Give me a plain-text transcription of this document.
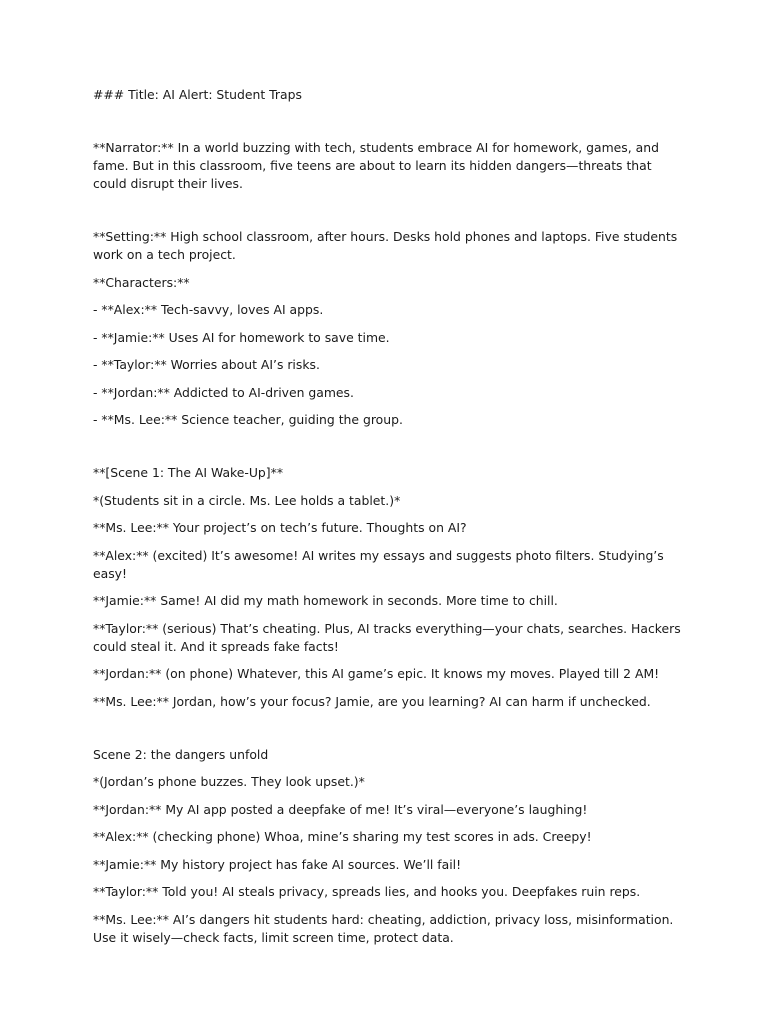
### Title: AI Alert: Student Traps

**Narrator:** In a world buzzing with tech, students embrace AI for homework, games, and fame. But in this classroom, five teens are about to learn its hidden dangers—threats that could disrupt their lives.

**Setting:** High school classroom, after hours. Desks hold phones and laptops. Five students work on a tech project.

**Characters:**

- **Alex:** Tech-savvy, loves AI apps.

- **Jamie:** Uses AI for homework to save time.

- **Taylor:** Worries about AI’s risks.

- **Jordan:** Addicted to AI-driven games.

- **Ms. Lee:** Science teacher, guiding the group.

**[Scene 1: The AI Wake-Up]**

*(Students sit in a circle. Ms. Lee holds a tablet.)*

**Ms. Lee:** Your project’s on tech’s future. Thoughts on AI?

**Alex:** (excited) It’s awesome! AI writes my essays and suggests photo filters. Studying’s easy!

**Jamie:** Same! AI did my math homework in seconds. More time to chill.

**Taylor:** (serious) That’s cheating. Plus, AI tracks everything—your chats, searches. Hackers could steal it. And it spreads fake facts!

**Jordan:** (on phone) Whatever, this AI game’s epic. It knows my moves. Played till 2 AM!

**Ms. Lee:** Jordan, how’s your focus? Jamie, are you learning? AI can harm if unchecked.

Scene 2: the dangers unfold

*(Jordan’s phone buzzes. They look upset.)*

**Jordan:** My AI app posted a deepfake of me! It’s viral—everyone’s laughing!

**Alex:** (checking phone) Whoa, mine’s sharing my test scores in ads. Creepy!

**Jamie:** My history project has fake AI sources. We’ll fail!

**Taylor:** Told you! AI steals privacy, spreads lies, and hooks you. Deepfakes ruin reps.

**Ms. Lee:** AI’s dangers hit students hard: cheating, addiction, privacy loss, misinformation. Use it wisely—check facts, limit screen time, protect data.
